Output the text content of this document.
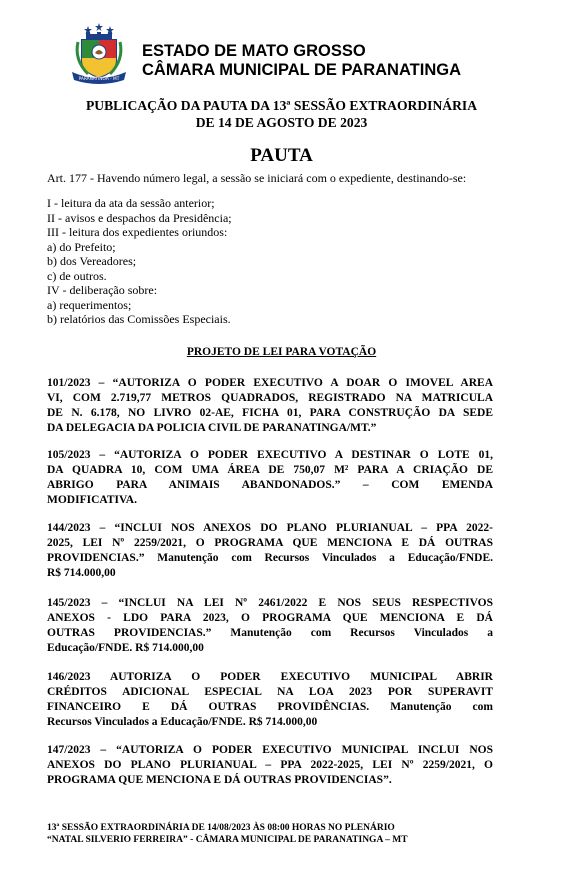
PARANATINGA - MT
ESTADO DE MATO GROSSO
CÂMARA MUNICIPAL DE PARANATINGA
PUBLICAÇÃO DA PAUTA DA 13ª SESSÃO EXTRAORDINÁRIA
DE 14 DE AGOSTO DE 2023
PAUTA
Art. 177 - Havendo número legal, a sessão se iniciará com o expediente, destinando-se:
I - leitura da ata da sessão anterior;
II - avisos e despachos da Presidência;
III - leitura dos expedientes oriundos:
a) do Prefeito;
b) dos Vereadores;
c) de outros.
IV - deliberação sobre:
a) requerimentos;
b) relatórios das Comissões Especiais.
PROJETO DE LEI PARA VOTAÇÃO

101/2023 – “AUTORIZA O PODER EXECUTIVO A DOAR O IMOVEL AREA

VI, COM 2.719,77 METROS QUADRADOS, REGISTRADO NA MATRICULA

DE N. 6.178, NO LIVRO 02-AE, FICHA 01, PARA CONSTRUÇÃO DA SEDE

DA DELEGACIA DA POLICIA CIVIL DE PARANATINGA/MT.”

105/2023 – “AUTORIZA O PODER EXECUTIVO A DESTINAR O LOTE 01,

DA QUADRA 10, COM UMA ÁREA DE 750,07 M² PARA A CRIAÇÃO DE

ABRIGO PARA ANIMAIS ABANDONADOS.” – COM EMENDA

MODIFICATIVA.

144/2023 – “INCLUI NOS ANEXOS DO PLANO PLURIANUAL – PPA 2022-

2025, LEI Nº 2259/2021, O PROGRAMA QUE MENCIONA E DÁ OUTRAS

PROVIDENCIAS.” Manutenção com Recursos Vinculados a Educação/FNDE.

R$ 714.000,00

145/2023 – “INCLUI NA LEI Nº 2461/2022 E NOS SEUS RESPECTIVOS

ANEXOS - LDO PARA 2023, O PROGRAMA QUE MENCIONA E DÁ

OUTRAS PROVIDENCIAS.” Manutenção com Recursos Vinculados a

Educação/FNDE. R$ 714.000,00

146/2023 AUTORIZA O PODER EXECUTIVO MUNICIPAL ABRIR

CRÉDITOS ADICIONAL ESPECIAL NA LOA 2023 POR SUPERAVIT

FINANCEIRO E DÁ OUTRAS PROVIDÊNCIAS. Manutenção com

Recursos Vinculados a Educação/FNDE. R$ 714.000,00

147/2023 – “AUTORIZA O PODER EXECUTIVO MUNICIPAL INCLUI NOS

ANEXOS DO PLANO PLURIANUAL – PPA 2022-2025, LEI Nº 2259/2021, O

PROGRAMA QUE MENCIONA E DÁ OUTRAS PROVIDENCIAS”.

13ª SESSÃO EXTRAORDINÁRIA DE 14/08/2023 ÀS 08:00 HORAS NO PLENÁRIO
“NATAL SILVERIO FERREIRA” - CÂMARA MUNICIPAL DE PARANATINGA – MT
